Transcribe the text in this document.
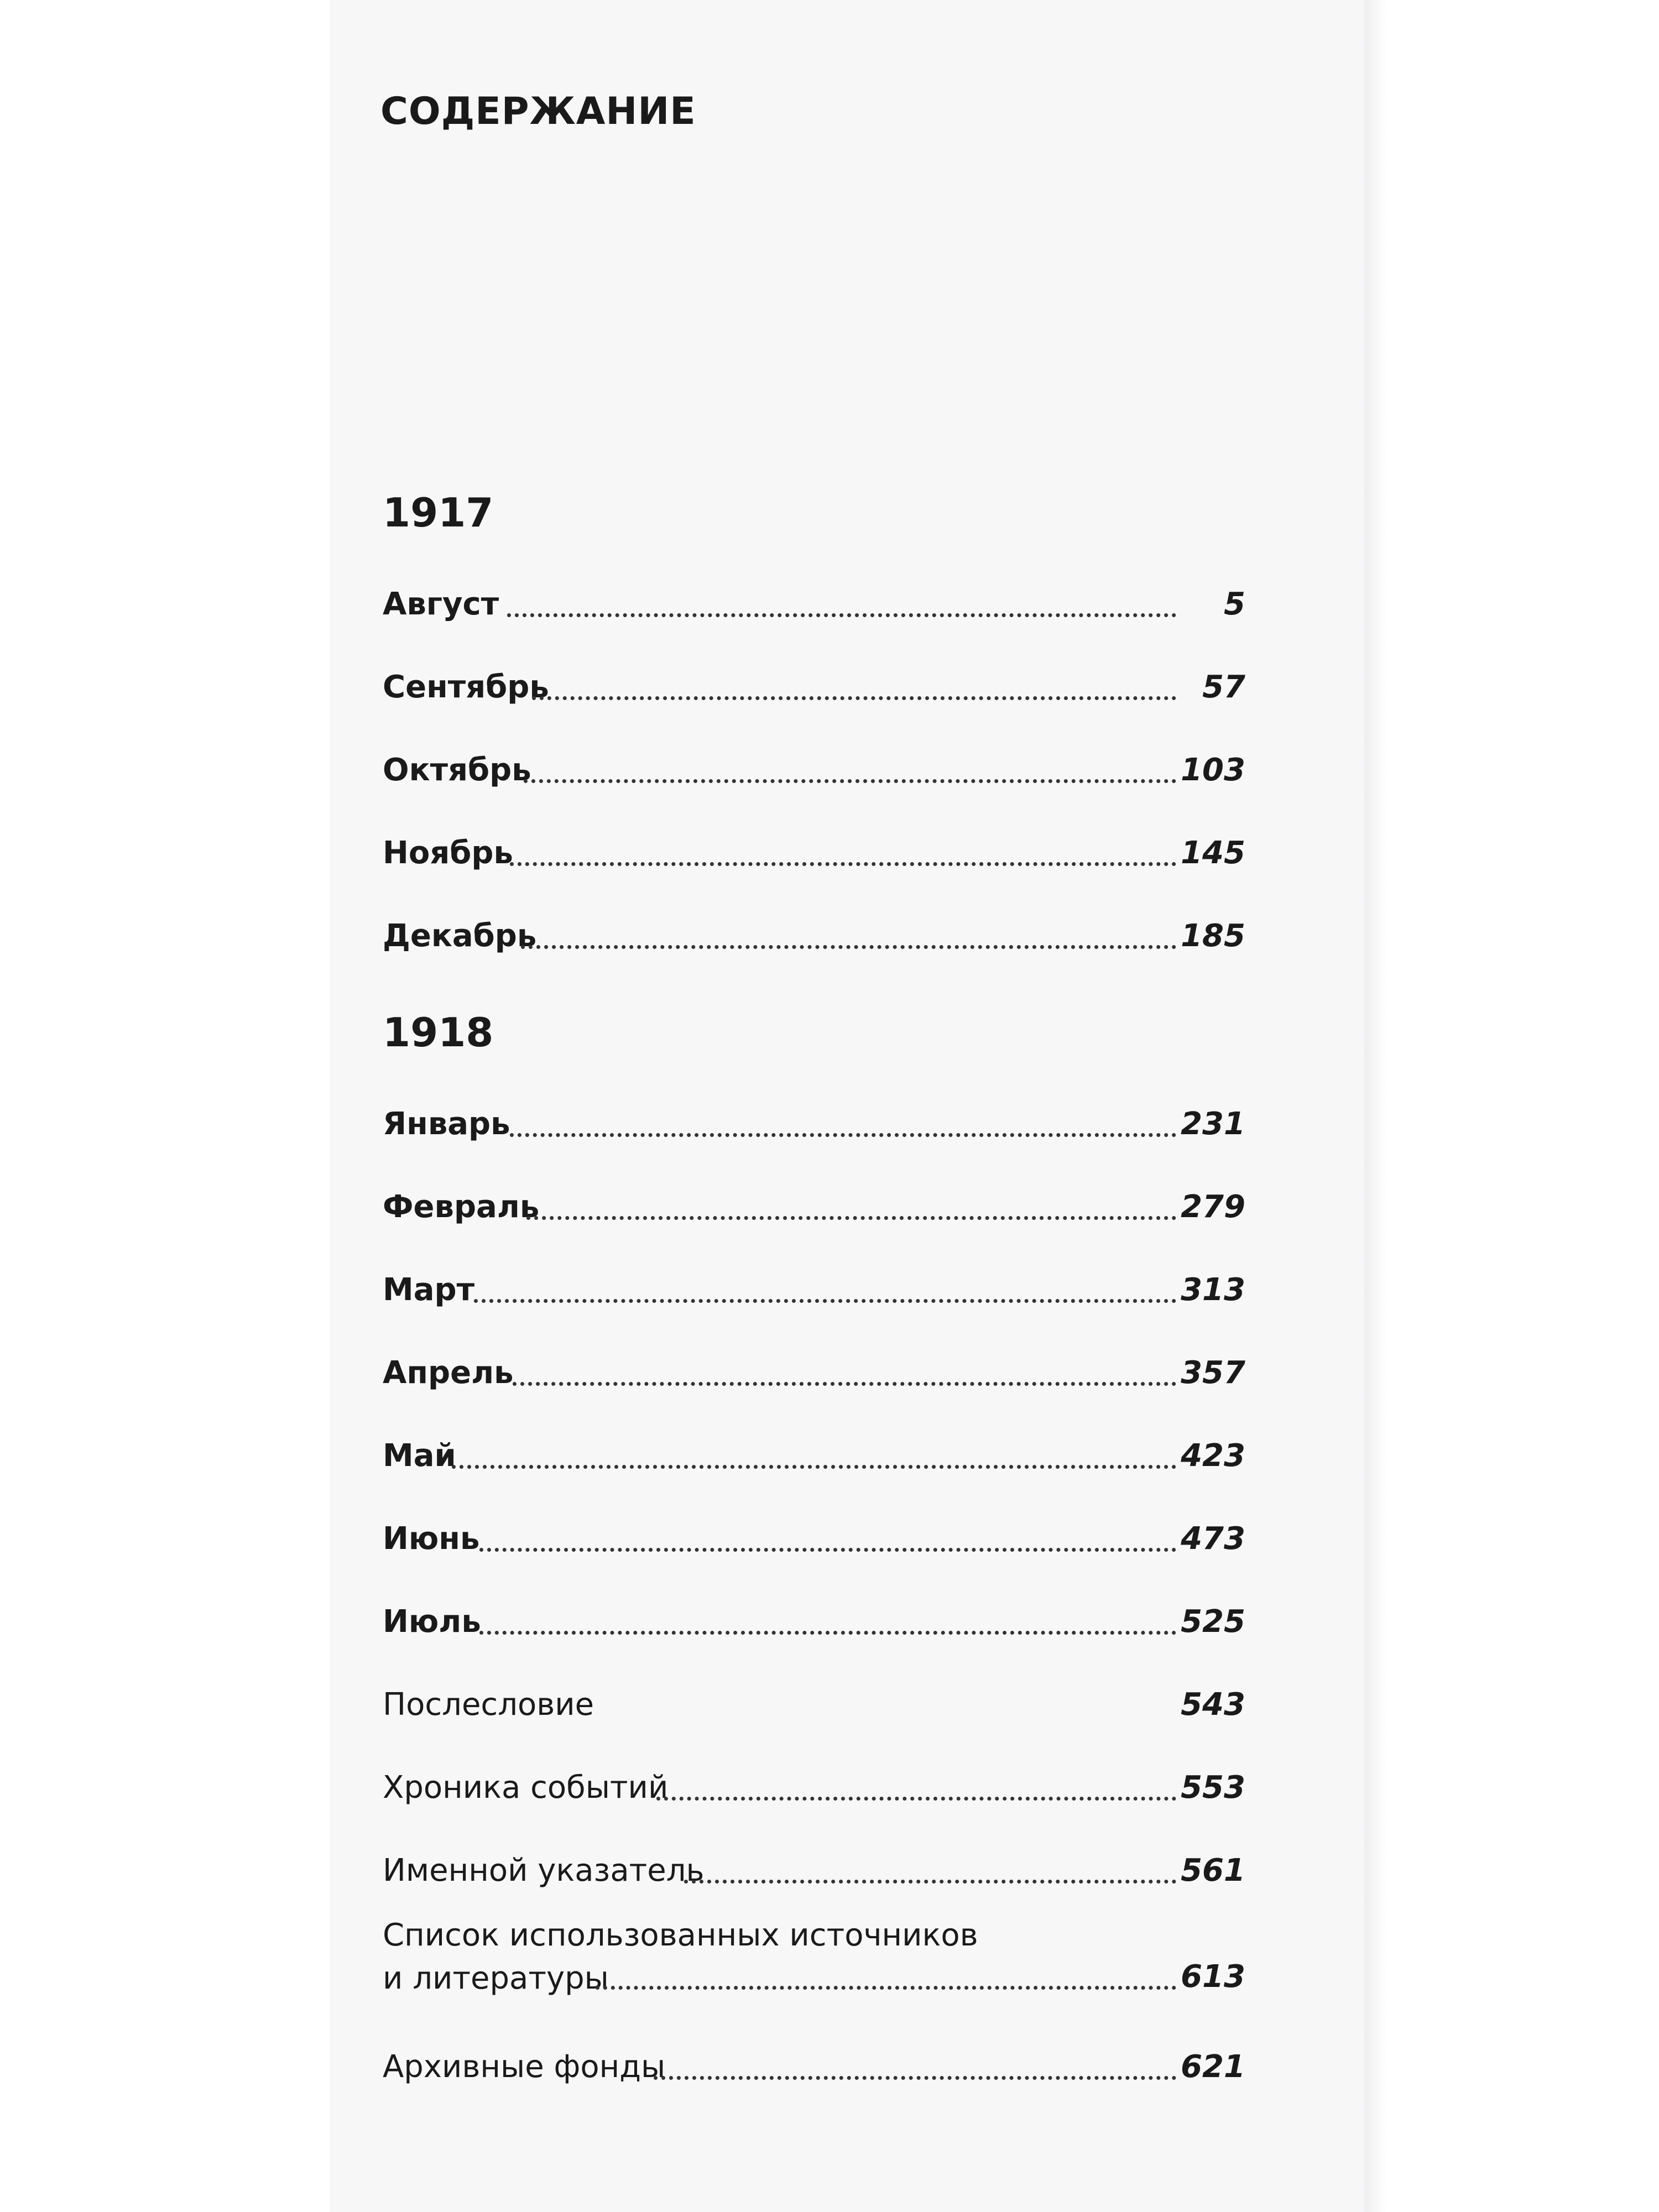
СОДЕРЖАНИЕ
1917
Август	5
Сентябрь	57
Октябрь	103
Ноябрь	145
Декабрь	185
1918
Январь	231
Февраль	279
Март	313
Апрель	357
Май	423
Июнь	473
Июль	525
Послесловие	543
Хроника событий	553
Именной указатель	561
Список использованных источников
и литературы	613
Архивные фонды	621
